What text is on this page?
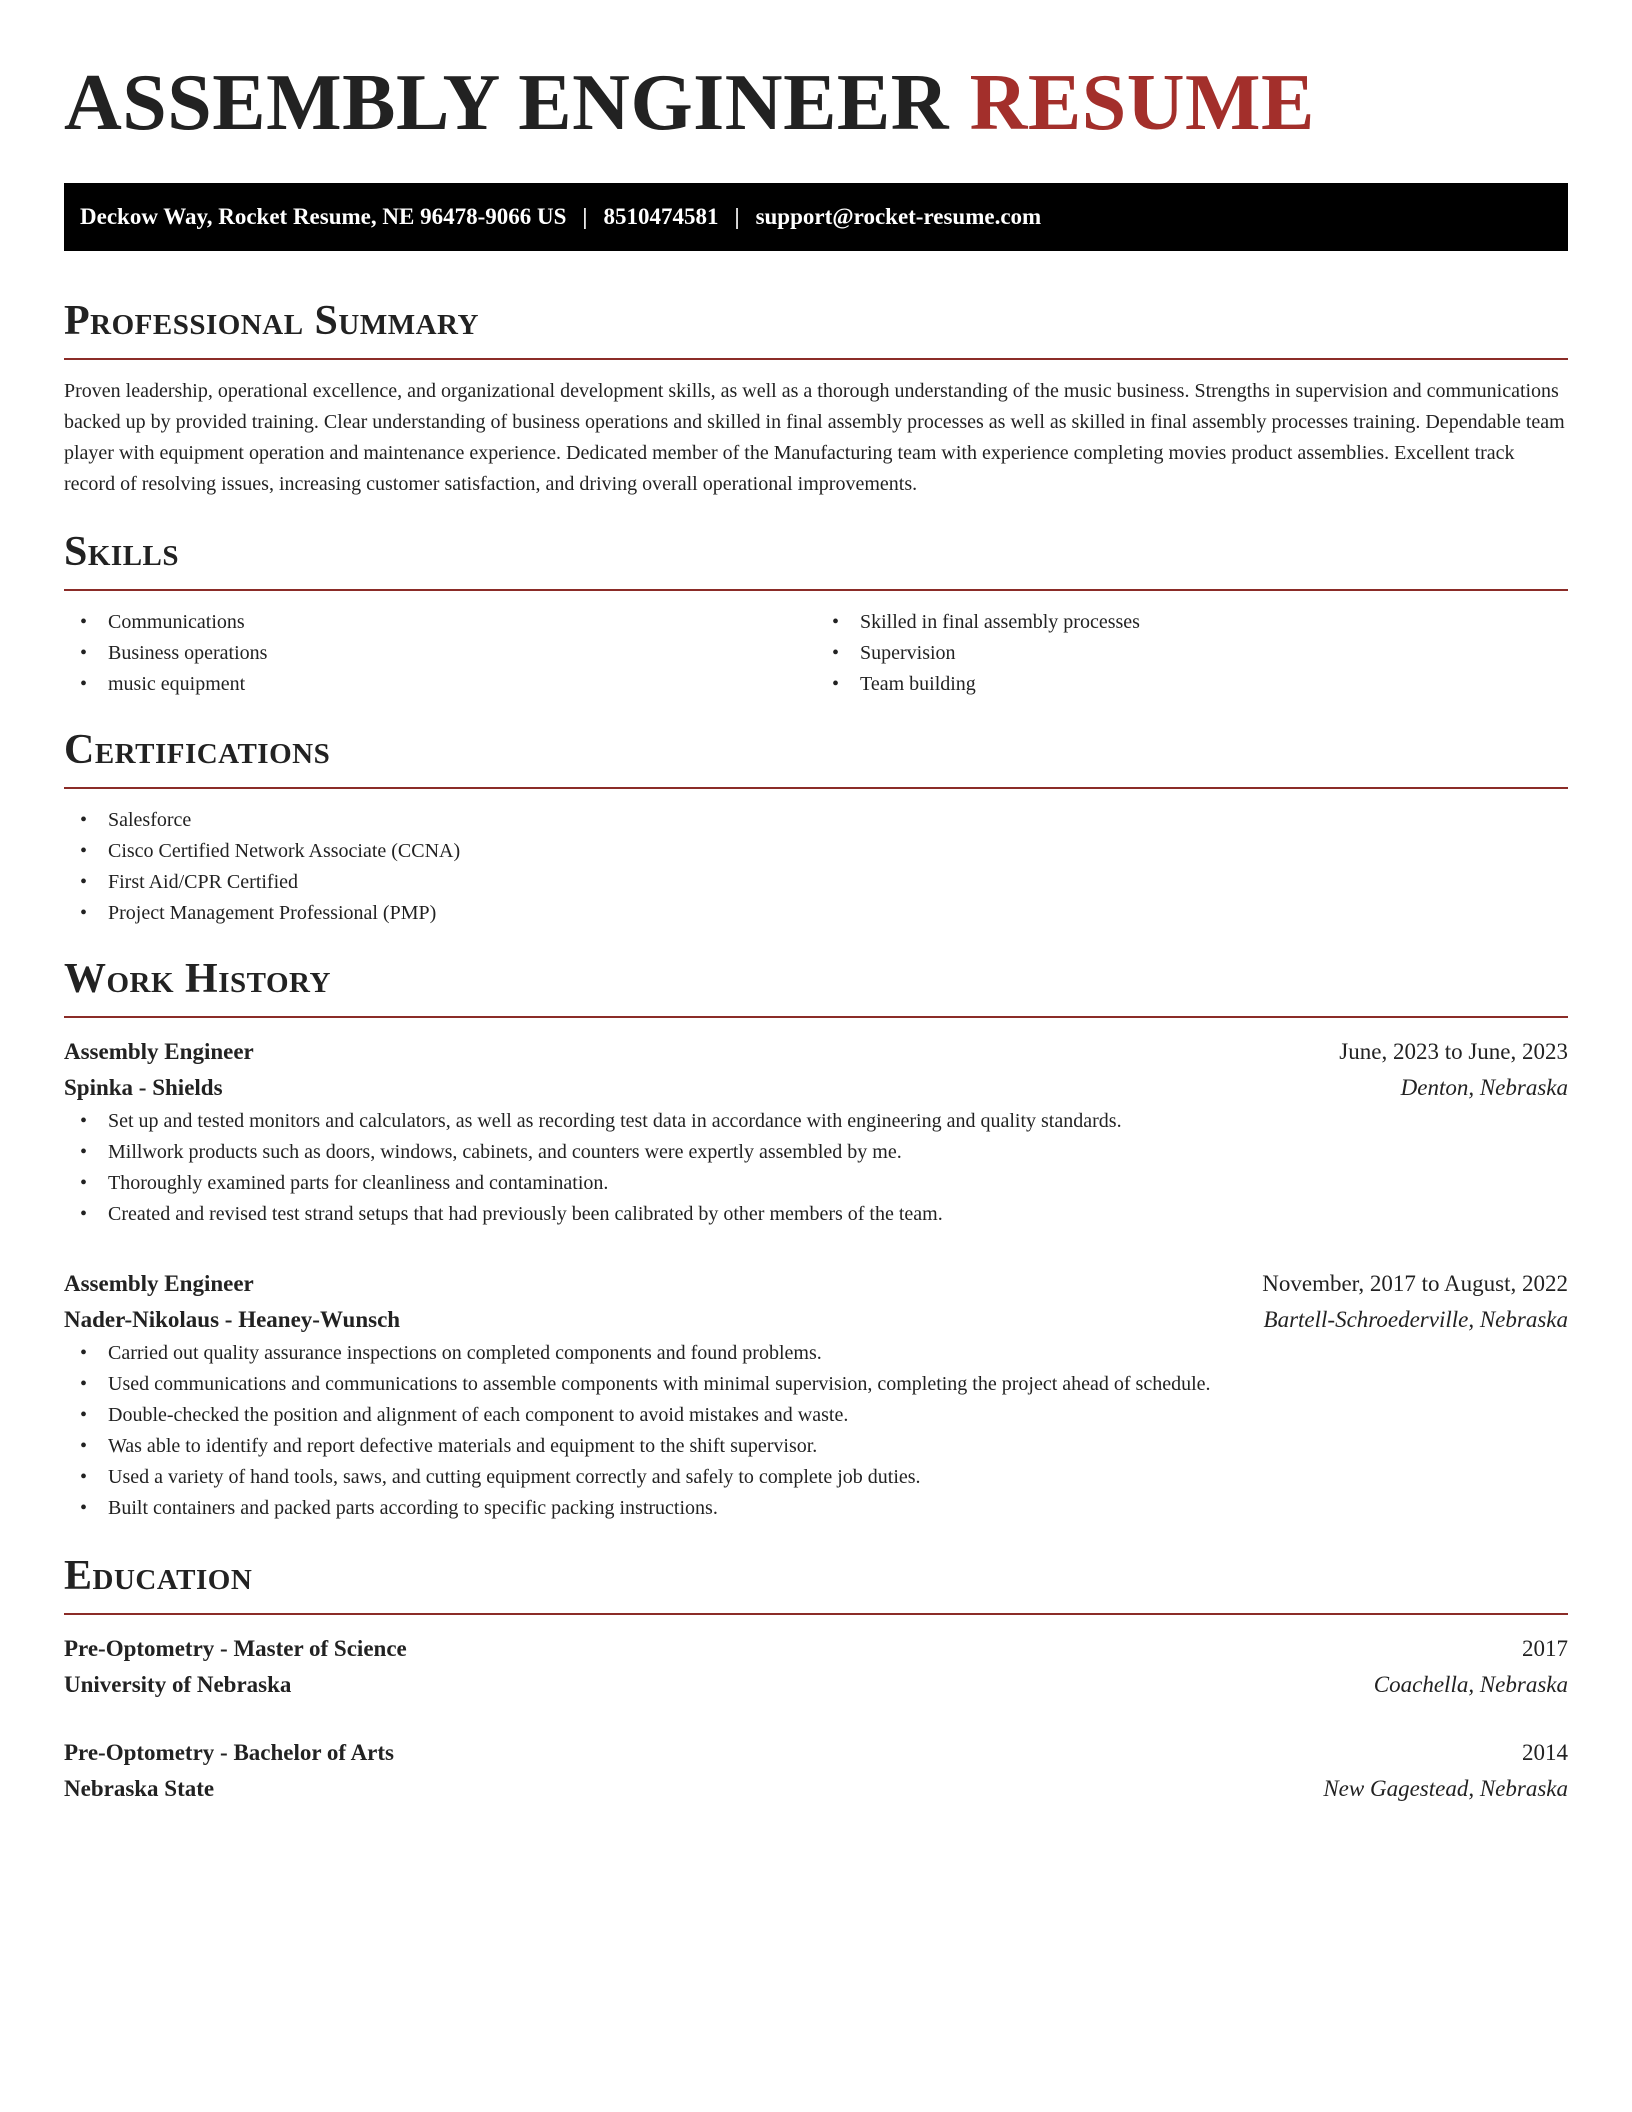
ASSEMBLY ENGINEER RESUME
Deckow Way, Rocket Resume, NE 96478-9066 US | 8510474581 | support@rocket-resume.com
Professional Summary

Proven leadership, operational excellence, and organizational development skills, as well as a thorough understanding of the music business. Strengths in supervision and communications backed up by provided training. Clear understanding of business operations and skilled in final assembly processes as well as skilled in final assembly processes training. Dependable team player with equipment operation and maintenance experience. Dedicated member of the Manufacturing team with experience completing movies product assemblies. Excellent track record of resolving issues, increasing customer satisfaction, and driving overall operational improvements.

Skills
• Communications
• Business operations
• music equipment
• Skilled in final assembly processes
• Supervision
• Team building
Certifications
• Salesforce
• Cisco Certified Network Associate (CCNA)
• First Aid/CPR Certified
• Project Management Professional (PMP)
Work History
Assembly Engineer	June, 2023 to June, 2023
Spinka - Shields	Denton, Nebraska
• Set up and tested monitors and calculators, as well as recording test data in accordance with engineering and quality standards.
• Millwork products such as doors, windows, cabinets, and counters were expertly assembled by me.
• Thoroughly examined parts for cleanliness and contamination.
• Created and revised test strand setups that had previously been calibrated by other members of the team.
Assembly Engineer	November, 2017 to August, 2022
Nader-Nikolaus - Heaney-Wunsch	Bartell-Schroederville, Nebraska
• Carried out quality assurance inspections on completed components and found problems.
• Used communications and communications to assemble components with minimal supervision, completing the project ahead of schedule.
• Double-checked the position and alignment of each component to avoid mistakes and waste.
• Was able to identify and report defective materials and equipment to the shift supervisor.
• Used a variety of hand tools, saws, and cutting equipment correctly and safely to complete job duties.
• Built containers and packed parts according to specific packing instructions.
Education
Pre-Optometry - Master of Science	2017
University of Nebraska	Coachella, Nebraska
Pre-Optometry - Bachelor of Arts	2014
Nebraska State	New Gagestead, Nebraska
